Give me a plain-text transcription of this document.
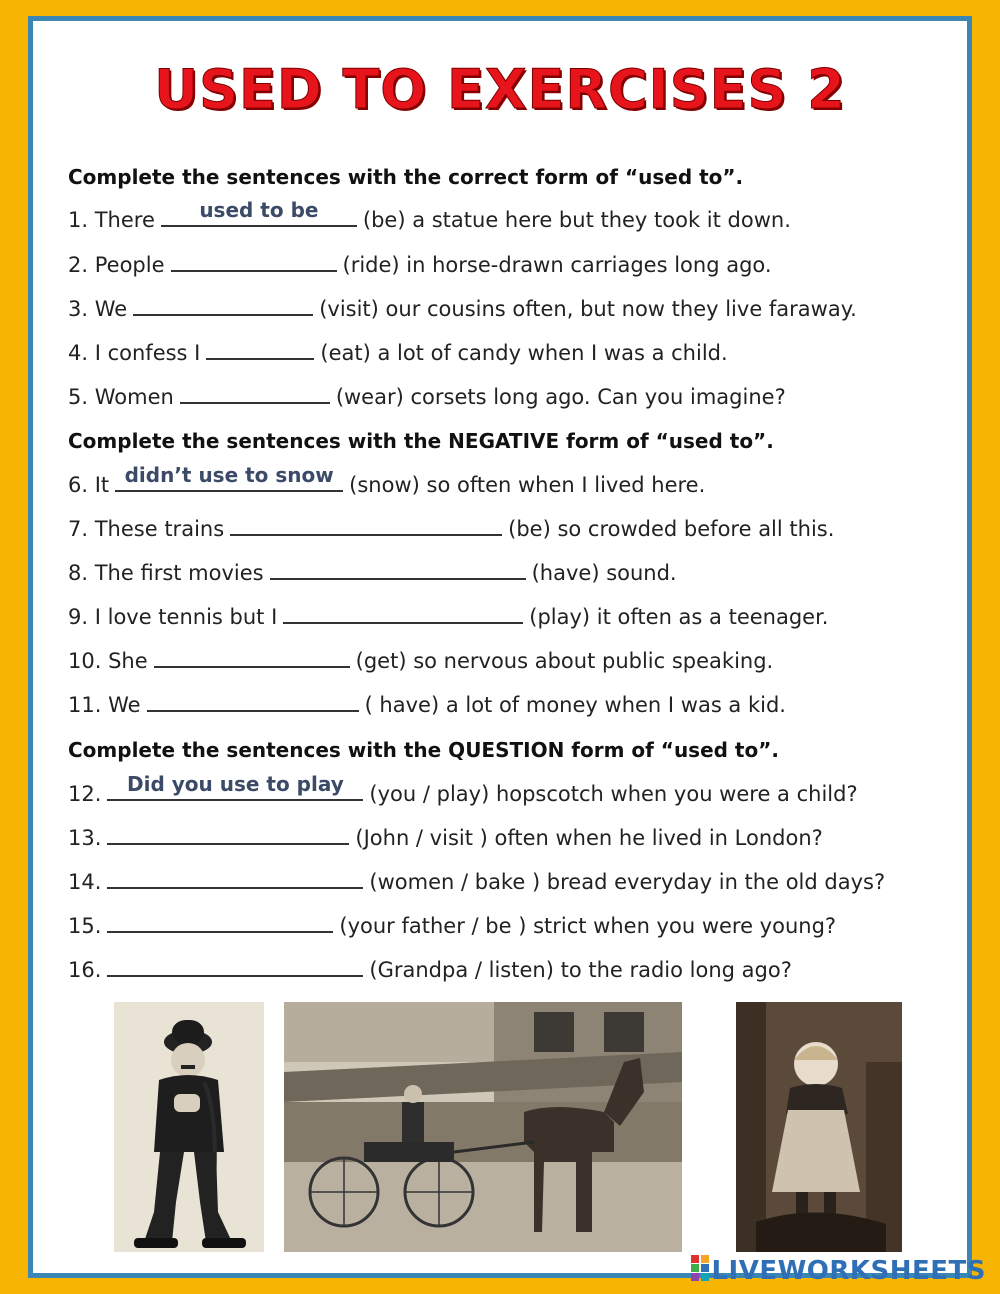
USED TO EXERCISES 2
Complete the sentences with the correct form of “used to”.
Complete the sentences with the NEGATIVE form of “used to”.
Complete the sentences with the QUESTION form of “used to”.
1. There	used to be	(be) a statue here but they took it down.
2. People	(ride) in horse-drawn carriages long ago.
3. We	(visit) our cousins often, but now they live faraway.
4. I confess I	(eat) a lot of candy when I was a child.
5. Women	(wear) corsets long ago. Can you imagine?
6. It didn’t use to snow (snow) so often when I lived here.
7. These trains	(be) so crowded before all this.
8. The first movies	(have) sound.
9. I love tennis but I	(play) it often as a teenager.
10. She	(get) so nervous about public speaking.
11. We	( have) a lot of money when I was a kid.
12.	Did you use to play	(you / play) hopscotch when you were a child?
13.	(John / visit ) often when he lived in London?
14.	(women / bake ) bread everyday in the old days?
15.	(your father / be ) strict when you were young?
16.	(Grandpa / listen) to the radio long ago?
LIVEWORKSHEETS
